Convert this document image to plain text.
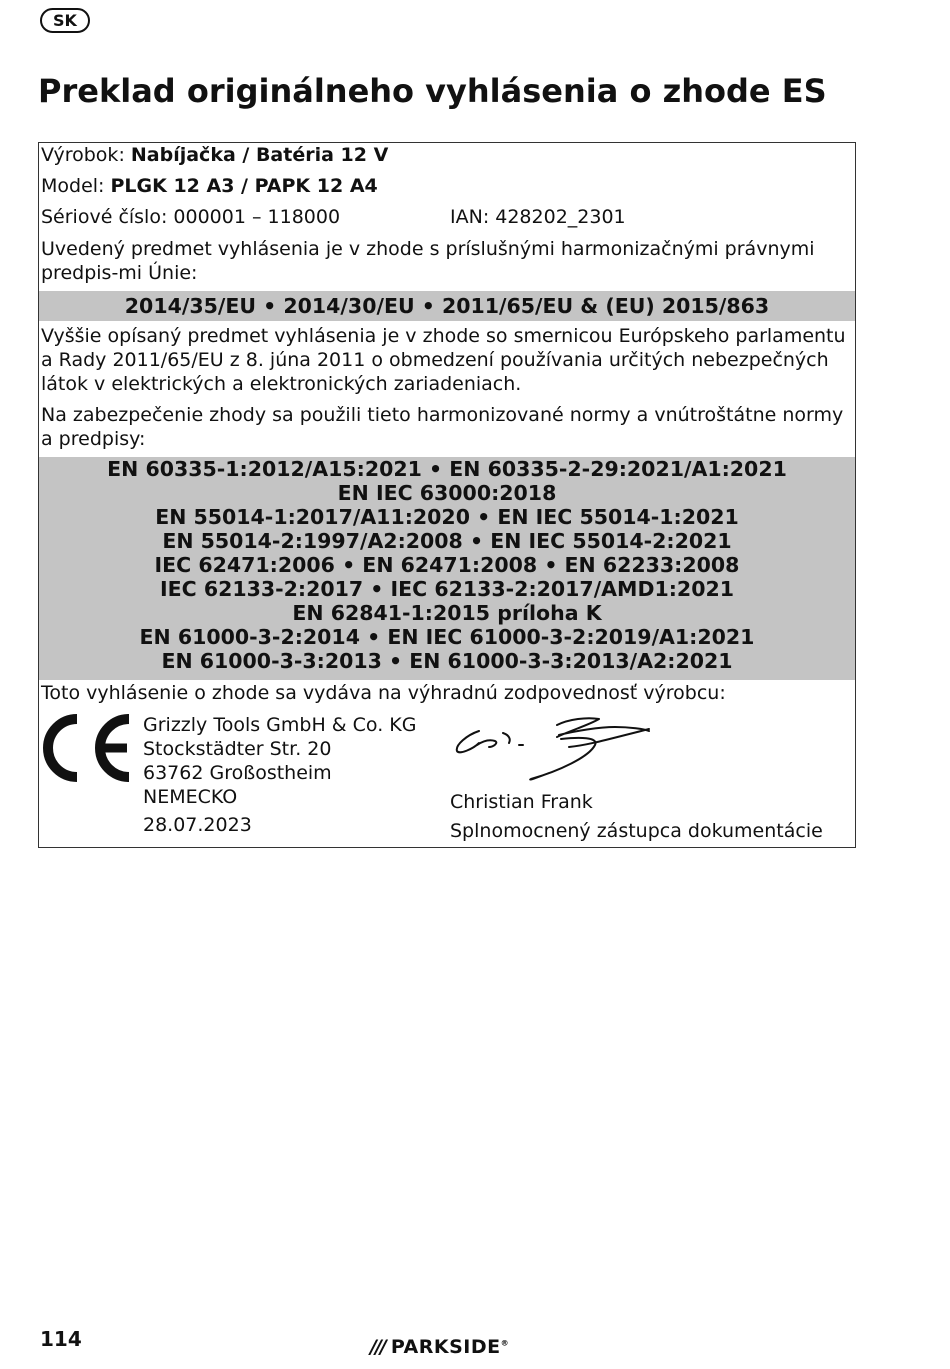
SK
Preklad originálneho vyhlásenia o zhode ES
Výrobok: Nabíjačka / Batéria 12 V
Model: PLGK 12 A3 / PAPK 12 A4
Sériové číslo: 000001 – 118000	IAN: 428202_2301
Uvedený predmet vyhlásenia je v zhode s príslušnými harmonizačnými právnymi predpis-mi Únie:
2014/35/EU • 2014/30/EU • 2011/65/EU & (EU) 2015/863
Vyššie opísaný predmet vyhlásenia je v zhode so smernicou Európskeho parlamentu a Rady 2011/65/EU z 8. júna 2011 o obmedzení používania určitých nebezpečných látok v elektrických a elektronických zariadeniach.
Na zabezpečenie zhody sa použili tieto harmonizované normy a vnútroštátne normy a predpisy:
EN 60335-1:2012/A15:2021 • EN 60335-2-29:2021/A1:2021
EN IEC 63000:2018
EN 55014-1:2017/A11:2020 • EN IEC 55014-1:2021
EN 55014-2:1997/A2:2008 • EN IEC 55014-2:2021
IEC 62471:2006 • EN 62471:2008 • EN 62233:2008
IEC 62133-2:2017 • IEC 62133-2:2017/AMD1:2021
EN 62841-1:2015 príloha K
EN 61000-3-2:2014 • EN IEC 61000-3-2:2019/A1:2021
EN 61000-3-3:2013 • EN 61000-3-3:2013/A2:2021
Toto vyhlásenie o zhode sa vydáva na výhradnú zodpovednosť výrobcu:
Grizzly Tools GmbH & Co. KG
Stockstädter Str. 20
63762 Großostheim
NEMECKO
28.07.2023
Christian Frank
Splnomocnený zástupca dokumentácie
114	/// PARKSIDE®
